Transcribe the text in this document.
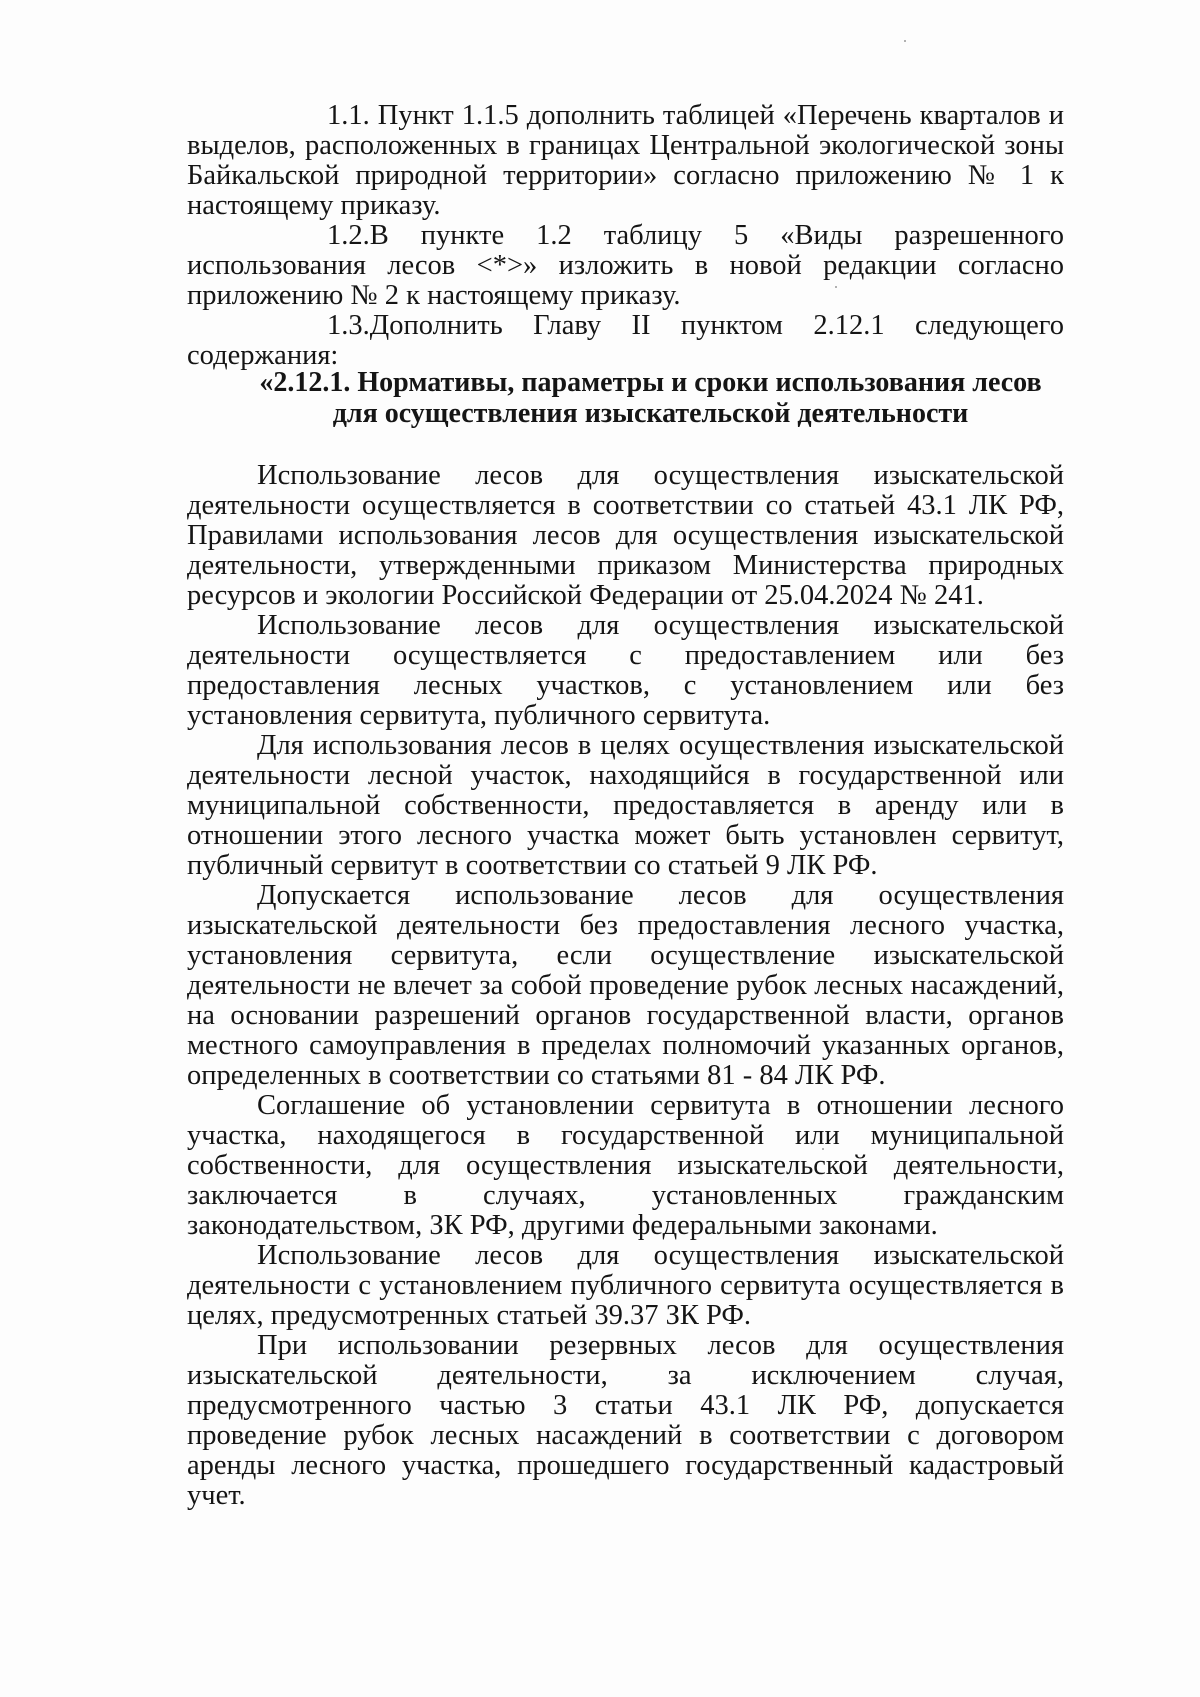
1.1. Пункт 1.1.5 дополнить таблицей «Перечень кварталов и выделов, расположенных в границах Центральной экологической зоны Байкальской природной территории» согласно приложению № 1 к настоящему приказу.

1.2.В пункте 1.2 таблицу 5 «Виды разрешенного использования лесов <*>» изложить в новой редакции согласно приложению № 2 к настоящему приказу.

1.3.Дополнить Главу II пунктом 2.12.1 следующего содержания:

«2.12.1. Нормативы, параметры и сроки использования лесов
для осуществления изыскательской деятельности

Использование лесов для осуществления изыскательской деятельности осуществляется в соответствии со статьей 43.1 ЛК РФ, Правилами использования лесов для осуществления изыскательской деятельности, утвержденными приказом Министерства природных ресурсов и экологии Российской Федерации от 25.04.2024 № 241.

Использование лесов для осуществления изыскательской деятельности осуществляется с предоставлением или без предоставления лесных участков, с установлением или без установления сервитута, публичного сервитута.

Для использования лесов в целях осуществления изыскательской деятельности лесной участок, находящийся в государственной или муниципальной собственности, предоставляется в аренду или в отношении этого лесного участка может быть установлен сервитут, публичный сервитут в соответствии со статьей 9 ЛК РФ.

Допускается использование лесов для осуществления изыскательской деятельности без предоставления лесного участка, установления сервитута, если осуществление изыскательской деятельности не влечет за собой проведение рубок лесных насаждений, на основании разрешений органов государственной власти, органов местного самоуправления в пределах полномочий указанных органов, определенных в соответствии со статьями 81 - 84 ЛК РФ.

Соглашение об установлении сервитута в отношении лесного участка, находящегося в государственной или муниципальной собственности, для осуществления изыскательской деятельности, заключается в случаях, установленных гражданским законодательством, ЗК РФ, другими федеральными законами.

Использование лесов для осуществления изыскательской деятельности с установлением публичного сервитута осуществляется в целях, предусмотренных статьей 39.37 ЗК РФ.

При использовании резервных лесов для осуществления изыскательской деятельности, за исключением случая, предусмотренного частью 3 статьи 43.1 ЛК РФ, допускается проведение рубок лесных насаждений в соответствии с договором аренды лесного участка, прошедшего государственный кадастровый учет.
